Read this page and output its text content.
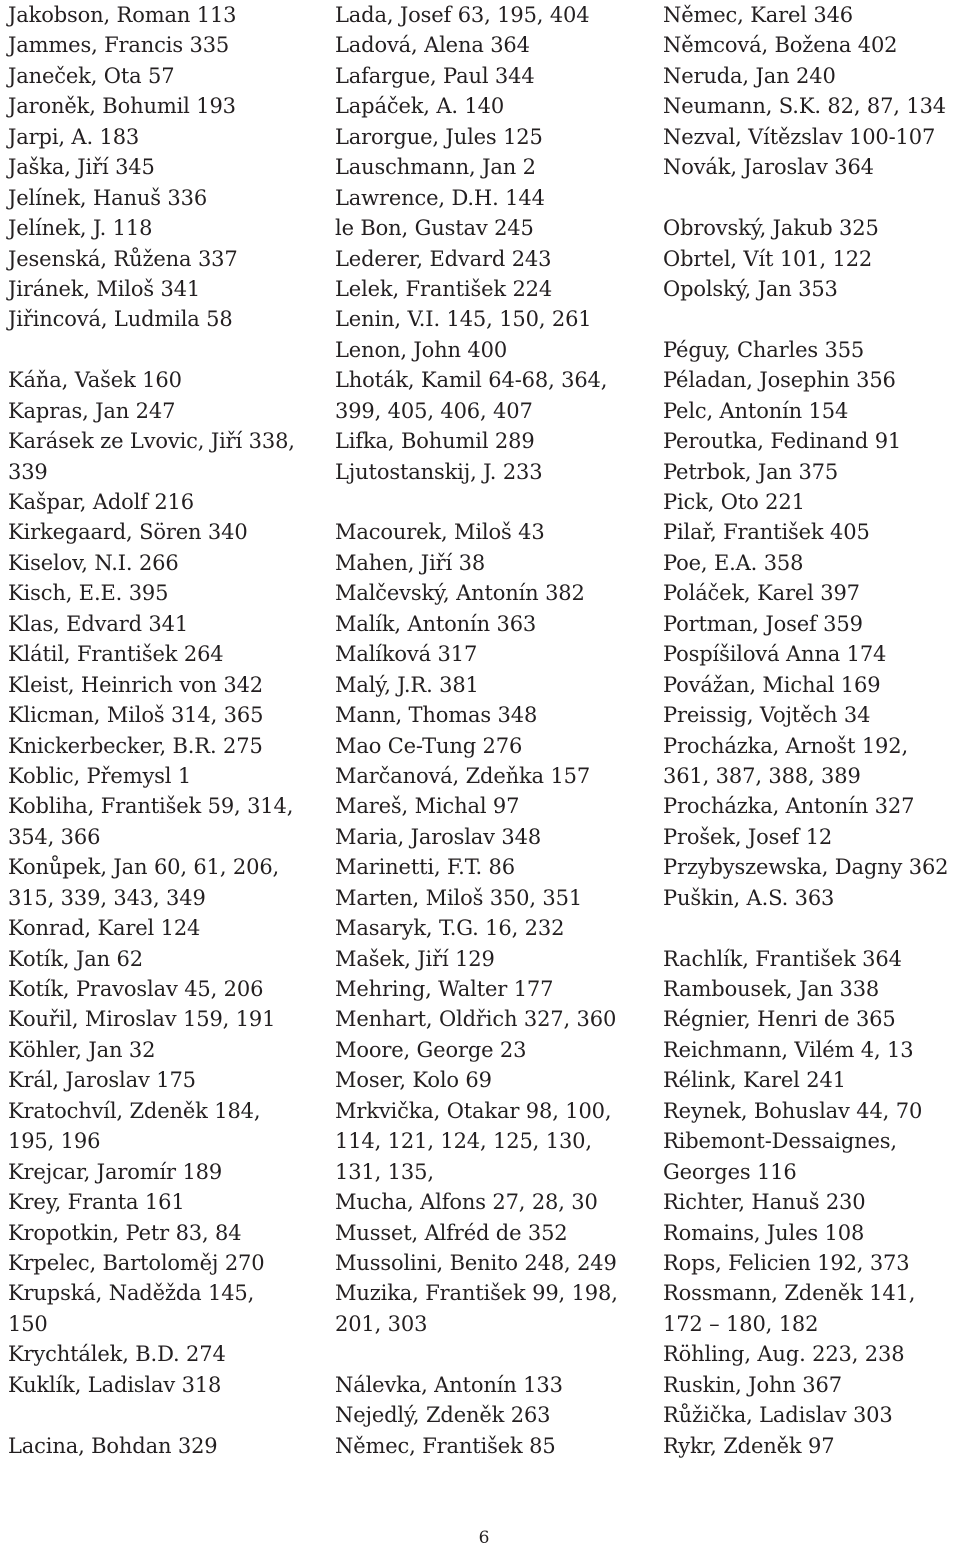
Jakobson, Roman 113
Jammes, Francis 335
Janeček, Ota 57
Jaroněk, Bohumil 193
Jarpi, A. 183
Jaška, Jiří 345
Jelínek, Hanuš 336
Jelínek, J. 118
Jesenská, Růžena 337
Jiránek, Miloš 341
Jiřincová, Ludmila 58
Káňa, Vašek 160
Kapras, Jan 247
Karásek ze Lvovic, Jiří 338,
339
Kašpar, Adolf 216
Kirkegaard, Sören 340
Kiselov, N.I. 266
Kisch, E.E. 395
Klas, Edvard 341
Klátil, František 264
Kleist, Heinrich von 342
Klicman, Miloš 314, 365
Knickerbecker, B.R. 275
Koblic, Přemysl 1
Kobliha, František 59, 314,
354, 366
Konůpek, Jan 60, 61, 206,
315, 339, 343, 349
Konrad, Karel 124
Kotík, Jan 62
Kotík, Pravoslav 45, 206
Kouřil, Miroslav 159, 191
Köhler, Jan 32
Král, Jaroslav 175
Kratochvíl, Zdeněk 184,
195, 196
Krejcar, Jaromír 189
Krey, Franta 161
Kropotkin, Petr 83, 84
Krpelec, Bartoloměj 270
Krupská, Naděžda 145,
150
Krychtálek, B.D. 274
Kuklík, Ladislav 318
Lacina, Bohdan 329
Lada, Josef 63, 195, 404
Ladová, Alena 364
Lafargue, Paul 344
Lapáček, A. 140
Larorgue, Jules 125
Lauschmann, Jan 2
Lawrence, D.H. 144
le Bon, Gustav 245
Lederer, Edvard 243
Lelek, František 224
Lenin, V.I. 145, 150, 261
Lenon, John 400
Lhoták, Kamil 64-68, 364,
399, 405, 406, 407
Lifka, Bohumil 289
Ljutostanskij, J. 233
Macourek, Miloš 43
Mahen, Jiří 38
Malčevský, Antonín 382
Malík, Antonín 363
Malíková 317
Malý, J.R. 381
Mann, Thomas 348
Mao Ce-Tung 276
Marčanová, Zdeňka 157
Mareš, Michal 97
Maria, Jaroslav 348
Marinetti, F.T. 86
Marten, Miloš 350, 351
Masaryk, T.G. 16, 232
Mašek, Jiří 129
Mehring, Walter 177
Menhart, Oldřich 327, 360
Moore, George 23
Moser, Kolo 69
Mrkvička, Otakar 98, 100,
114, 121, 124, 125, 130,
131, 135,
Mucha, Alfons 27, 28, 30
Musset, Alfréd de 352
Mussolini, Benito 248, 249
Muzika, František 99, 198,
201, 303
Nálevka, Antonín 133
Nejedlý, Zdeněk 263
Němec, František 85
Němec, Karel 346
Němcová, Božena 402
Neruda, Jan 240
Neumann, S.K. 82, 87, 134
Nezval, Vítězslav 100-107
Novák, Jaroslav 364
Obrovský, Jakub 325
Obrtel, Vít 101, 122
Opolský, Jan 353
Péguy, Charles 355
Péladan, Josephin 356
Pelc, Antonín 154
Peroutka, Fedinand 91
Petrbok, Jan 375
Pick, Oto 221
Pilař, František 405
Poe, E.A. 358
Poláček, Karel 397
Portman, Josef 359
Pospíšilová Anna 174
Povážan, Michal 169
Preissig, Vojtěch 34
Procházka, Arnošt 192,
361, 387, 388, 389
Procházka, Antonín 327
Prošek, Josef 12
Przybyszewska, Dagny 362
Puškin, A.S. 363
Rachlík, František 364
Rambousek, Jan 338
Régnier, Henri de 365
Reichmann, Vilém 4, 13
Rélink, Karel 241
Reynek, Bohuslav 44, 70
Ribemont-Dessaignes,
Georges 116
Richter, Hanuš 230
Romains, Jules 108
Rops, Felicien 192, 373
Rossmann, Zdeněk 141,
172 – 180, 182
Röhling, Aug. 223, 238
Ruskin, John 367
Růžička, Ladislav 303
Rykr, Zdeněk 97
6
